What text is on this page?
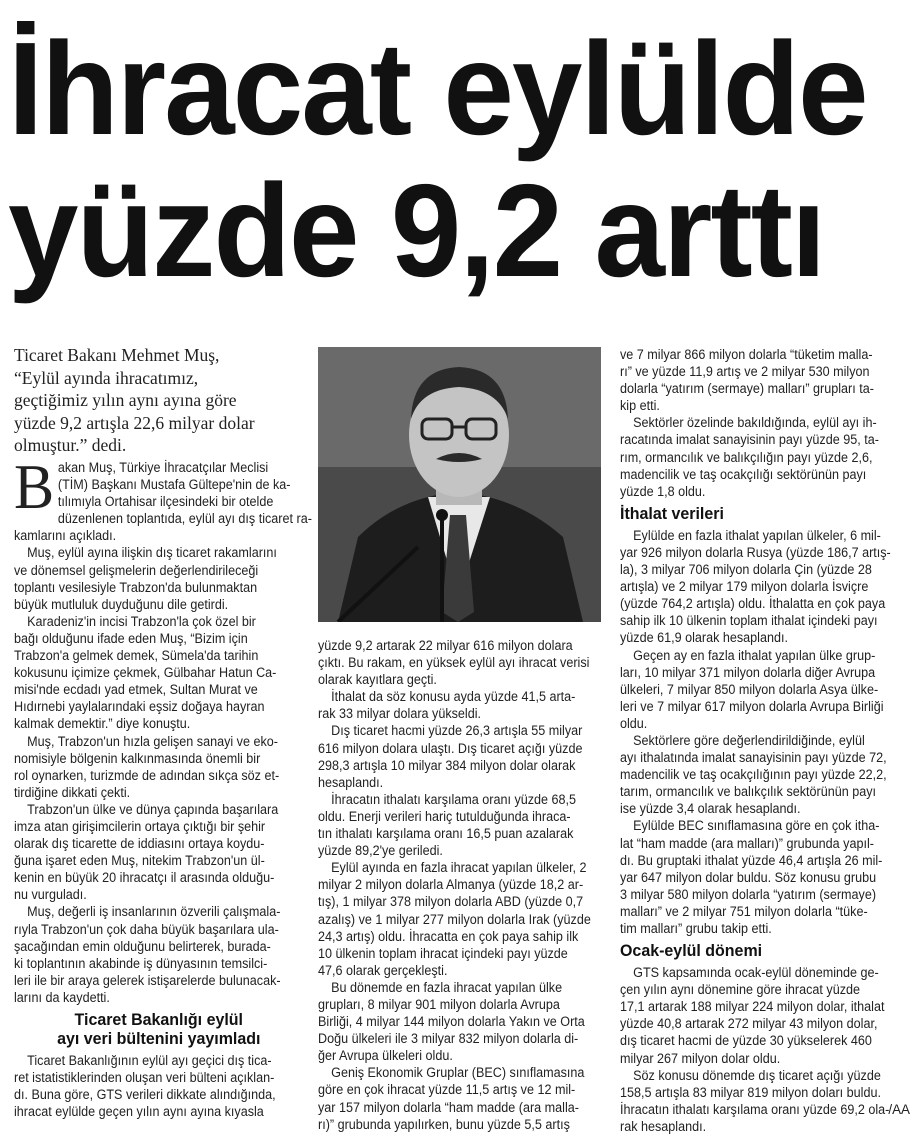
İhracat eylülde
yüzde 9,2 arttı
Ticaret Bakanı Mehmet Muş,
“Eylül ayında ihracatımız,
geçtiğimiz yılın aynı ayına göre
yüzde 9,2 artışla 22,6 milyar dolar
olmuştur.” dedi.

B akan Muş, Türkiye İhracatçılar Meclisi
(TİM) Başkanı Mustafa Gültepe'nin de ka-
tılımıyla Ortahisar ilçesindeki bir otelde
düzenlenen toplantıda, eylül ayı dış ticaret ra-
kamlarını açıkladı.

Muş, eylül ayına ilişkin dış ticaret rakamlarını
ve dönemsel gelişmelerin değerlendirileceği
toplantı vesilesiyle Trabzon'da bulunmaktan
büyük mutluluk duyduğunu dile getirdi.

Karadeniz'in incisi Trabzon'la çok özel bir
bağı olduğunu ifade eden Muş, “Bizim için
Trabzon'a gelmek demek, Sümela'da tarihin
kokusunu içimize çekmek, Gülbahar Hatun Ca-
misi'nde ecdadı yad etmek, Sultan Murat ve
Hıdırnebi yaylalarındaki eşsiz doğaya hayran
kalmak demektir.” diye konuştu.

Muş, Trabzon'un hızla gelişen sanayi ve eko-
nomisiyle bölgenin kalkınmasında önemli bir
rol oynarken, turizmde de adından sıkça söz et-
tirdiğine dikkati çekti.

Trabzon'un ülke ve dünya çapında başarılara
imza atan girişimcilerin ortaya çıktığı bir şehir
olarak dış ticarette de iddiasını ortaya koydu-
ğuna işaret eden Muş, nitekim Trabzon'un ül-
kenin en büyük 20 ihracatçı il arasında olduğu-
nu vurguladı.

Muş, değerli iş insanlarının özverili çalışmala-
rıyla Trabzon'un çok daha büyük başarılara ula-
şacağından emin olduğunu belirterek, burada-
ki toplantının akabinde iş dünyasının temsilci-
leri ile bir araya gelerek istişarelerde bulunacak-
larını da kaydetti.

Ticaret Bakanlığı eylül
ayı veri bültenini yayımladı

Ticaret Bakanlığının eylül ayı geçici dış tica-
ret istatistiklerinden oluşan veri bülteni açıklan-
dı. Buna göre, GTS verileri dikkate alındığında,
ihracat eylülde geçen yılın aynı ayına kıyasla

yüzde 9,2 artarak 22 milyar 616 milyon dolara
çıktı. Bu rakam, en yüksek eylül ayı ihracat verisi
olarak kayıtlara geçti.

İthalat da söz konusu ayda yüzde 41,5 arta-
rak 33 milyar dolara yükseldi.

Dış ticaret hacmi yüzde 26,3 artışla 55 milyar
616 milyon dolara ulaştı. Dış ticaret açığı yüzde
298,3 artışla 10 milyar 384 milyon dolar olarak
hesaplandı.

İhracatın ithalatı karşılama oranı yüzde 68,5
oldu. Enerji verileri hariç tutulduğunda ihraca-
tın ithalatı karşılama oranı 16,5 puan azalarak
yüzde 89,2'ye geriledi.

Eylül ayında en fazla ihracat yapılan ülkeler, 2
milyar 2 milyon dolarla Almanya (yüzde 18,2 ar-
tış), 1 milyar 378 milyon dolarla ABD (yüzde 0,7
azalış) ve 1 milyar 277 milyon dolarla Irak (yüzde
24,3 artış) oldu. İhracatta en çok paya sahip ilk
10 ülkenin toplam ihracat içindeki payı yüzde
47,6 olarak gerçekleşti.

Bu dönemde en fazla ihracat yapılan ülke
grupları, 8 milyar 901 milyon dolarla Avrupa
Birliği, 4 milyar 144 milyon dolarla Yakın ve Orta
Doğu ülkeleri ile 3 milyar 832 milyon dolarla di-
ğer Avrupa ülkeleri oldu.

Geniş Ekonomik Gruplar (BEC) sınıflamasına
göre en çok ihracat yüzde 11,5 artış ve 12 mil-
yar 157 milyon dolarla “ham madde (ara malla-
rı)” grubunda yapılırken, bunu yüzde 5,5 artış

ve 7 milyar 866 milyon dolarla “tüketim malla-
rı” ve yüzde 11,9 artış ve 2 milyar 530 milyon
dolarla “yatırım (sermaye) malları” grupları ta-
kip etti.

Sektörler özelinde bakıldığında, eylül ayı ih-
racatında imalat sanayisinin payı yüzde 95, ta-
rım, ormancılık ve balıkçılığın payı yüzde 2,6,
madencilik ve taş ocakçılığı sektörünün payı
yüzde 1,8 oldu.

İthalat verileri

Eylülde en fazla ithalat yapılan ülkeler, 6 mil-
yar 926 milyon dolarla Rusya (yüzde 186,7 artış-
la), 3 milyar 706 milyon dolarla Çin (yüzde 28
artışla) ve 2 milyar 179 milyon dolarla İsviçre
(yüzde 764,2 artışla) oldu. İthalatta en çok paya
sahip ilk 10 ülkenin toplam ithalat içindeki payı
yüzde 61,9 olarak hesaplandı.

Geçen ay en fazla ithalat yapılan ülke grup-
ları, 10 milyar 371 milyon dolarla diğer Avrupa
ülkeleri, 7 milyar 850 milyon dolarla Asya ülke-
leri ve 7 milyar 617 milyon dolarla Avrupa Birliği
oldu.

Sektörlere göre değerlendirildiğinde, eylül
ayı ithalatında imalat sanayisinin payı yüzde 72,
madencilik ve taş ocakçılığının payı yüzde 22,2,
tarım, ormancılık ve balıkçılık sektörünün payı
ise yüzde 3,4 olarak hesaplandı.

Eylülde BEC sınıflamasına göre en çok itha-
lat “ham madde (ara malları)” grubunda yapıl-
dı. Bu gruptaki ithalat yüzde 46,4 artışla 26 mil-
yar 647 milyon dolar buldu. Söz konusu grubu
3 milyar 580 milyon dolarla “yatırım (sermaye)
malları” ve 2 milyar 751 milyon dolarla “tüke-
tim malları” grubu takip etti.

Ocak-eylül dönemi

GTS kapsamında ocak-eylül döneminde ge-
çen yılın aynı dönemine göre ihracat yüzde
17,1 artarak 188 milyar 224 milyon dolar, ithalat
yüzde 40,8 artarak 272 milyar 43 milyon dolar,
dış ticaret hacmi de yüzde 30 yükselerek 460
milyar 267 milyon dolar oldu.

Söz konusu dönemde dış ticaret açığı yüzde
158,5 artışla 83 milyar 819 milyon doları buldu.
İhracatın ithalatı karşılama oranı yüzde 69,2 ola-
rak hesaplandı.

/AA
